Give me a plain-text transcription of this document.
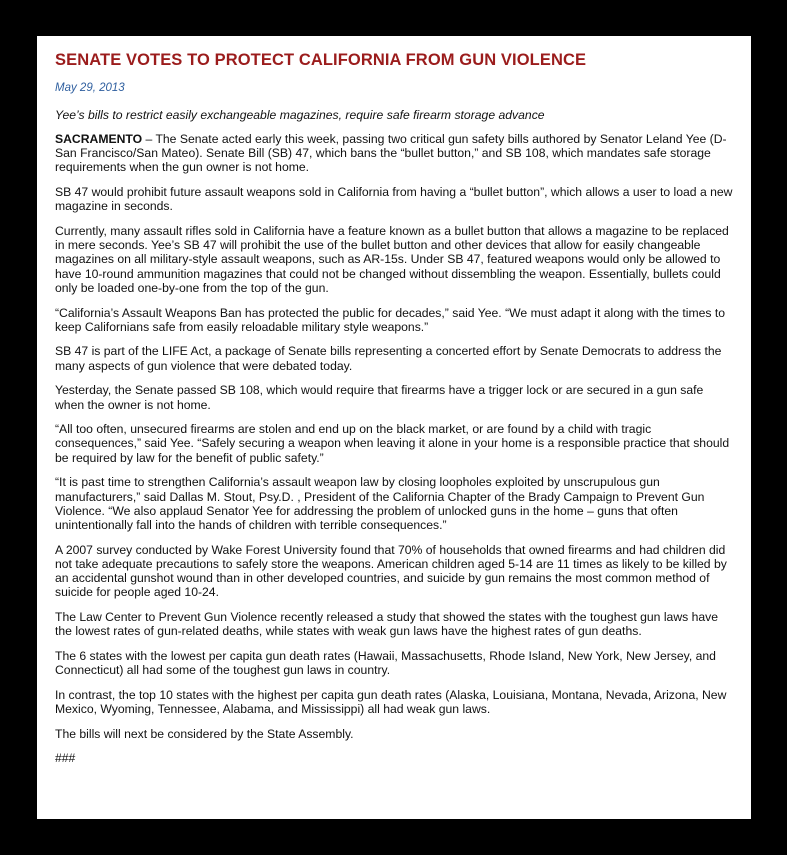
SENATE VOTES TO PROTECT CALIFORNIA FROM GUN VIOLENCE
May 29, 2013
Yee’s bills to restrict easily exchangeable magazines, require safe firearm storage advance

SACRAMENTO – The Senate acted early this week, passing two critical gun safety bills authored by Senator Leland Yee (D-San Francisco/San Mateo). Senate Bill (SB) 47, which bans the “bullet button,” and SB 108, which mandates safe storage requirements when the gun owner is not home.

SB 47 would prohibit future assault weapons sold in California from having a “bullet button”, which allows a user to load a new magazine in seconds.

Currently, many assault rifles sold in California have a feature known as a bullet button that allows a magazine to be replaced in mere seconds. Yee’s SB 47 will prohibit the use of the bullet button and other devices that allow for easily changeable magazines on all military-style assault weapons, such as AR-15s. Under SB 47, featured weapons would only be allowed to have 10-round ammunition magazines that could not be changed without dissembling the weapon. Essentially, bullets could only be loaded one-by-one from the top of the gun.

“California’s Assault Weapons Ban has protected the public for decades,” said Yee. “We must adapt it along with the times to keep Californians safe from easily reloadable military style weapons.”

SB 47 is part of the LIFE Act, a package of Senate bills representing a concerted effort by Senate Democrats to address the many aspects of gun violence that were debated today.

Yesterday, the Senate passed SB 108, which would require that firearms have a trigger lock or are secured in a gun safe when the owner is not home.

“All too often, unsecured firearms are stolen and end up on the black market, or are found by a child with tragic consequences,” said Yee. “Safely securing a weapon when leaving it alone in your home is a responsible practice that should be required by law for the benefit of public safety.”

“It is past time to strengthen California’s assault weapon law by closing loopholes exploited by unscrupulous gun manufacturers,” said Dallas M. Stout, Psy.D. , President of the California Chapter of the Brady Campaign to Prevent Gun Violence. “We also applaud Senator Yee for addressing the problem of unlocked guns in the home – guns that often unintentionally fall into the hands of children with terrible consequences.”

A 2007 survey conducted by Wake Forest University found that 70% of households that owned firearms and had children did not take adequate precautions to safely store the weapons. American children aged 5-14 are 11 times as likely to be killed by an accidental gunshot wound than in other developed countries, and suicide by gun remains the most common method of suicide for people aged 10-24.

The Law Center to Prevent Gun Violence recently released a study that showed the states with the toughest gun laws have the lowest rates of gun-related deaths, while states with weak gun laws have the highest rates of gun deaths.

The 6 states with the lowest per capita gun death rates (Hawaii, Massachusetts, Rhode Island, New York, New Jersey, and Connecticut) all had some of the toughest gun laws in country.

In contrast, the top 10 states with the highest per capita gun death rates (Alaska, Louisiana, Montana, Nevada, Arizona, New Mexico, Wyoming, Tennessee, Alabama, and Mississippi) all had weak gun laws.

The bills will next be considered by the State Assembly.

###
